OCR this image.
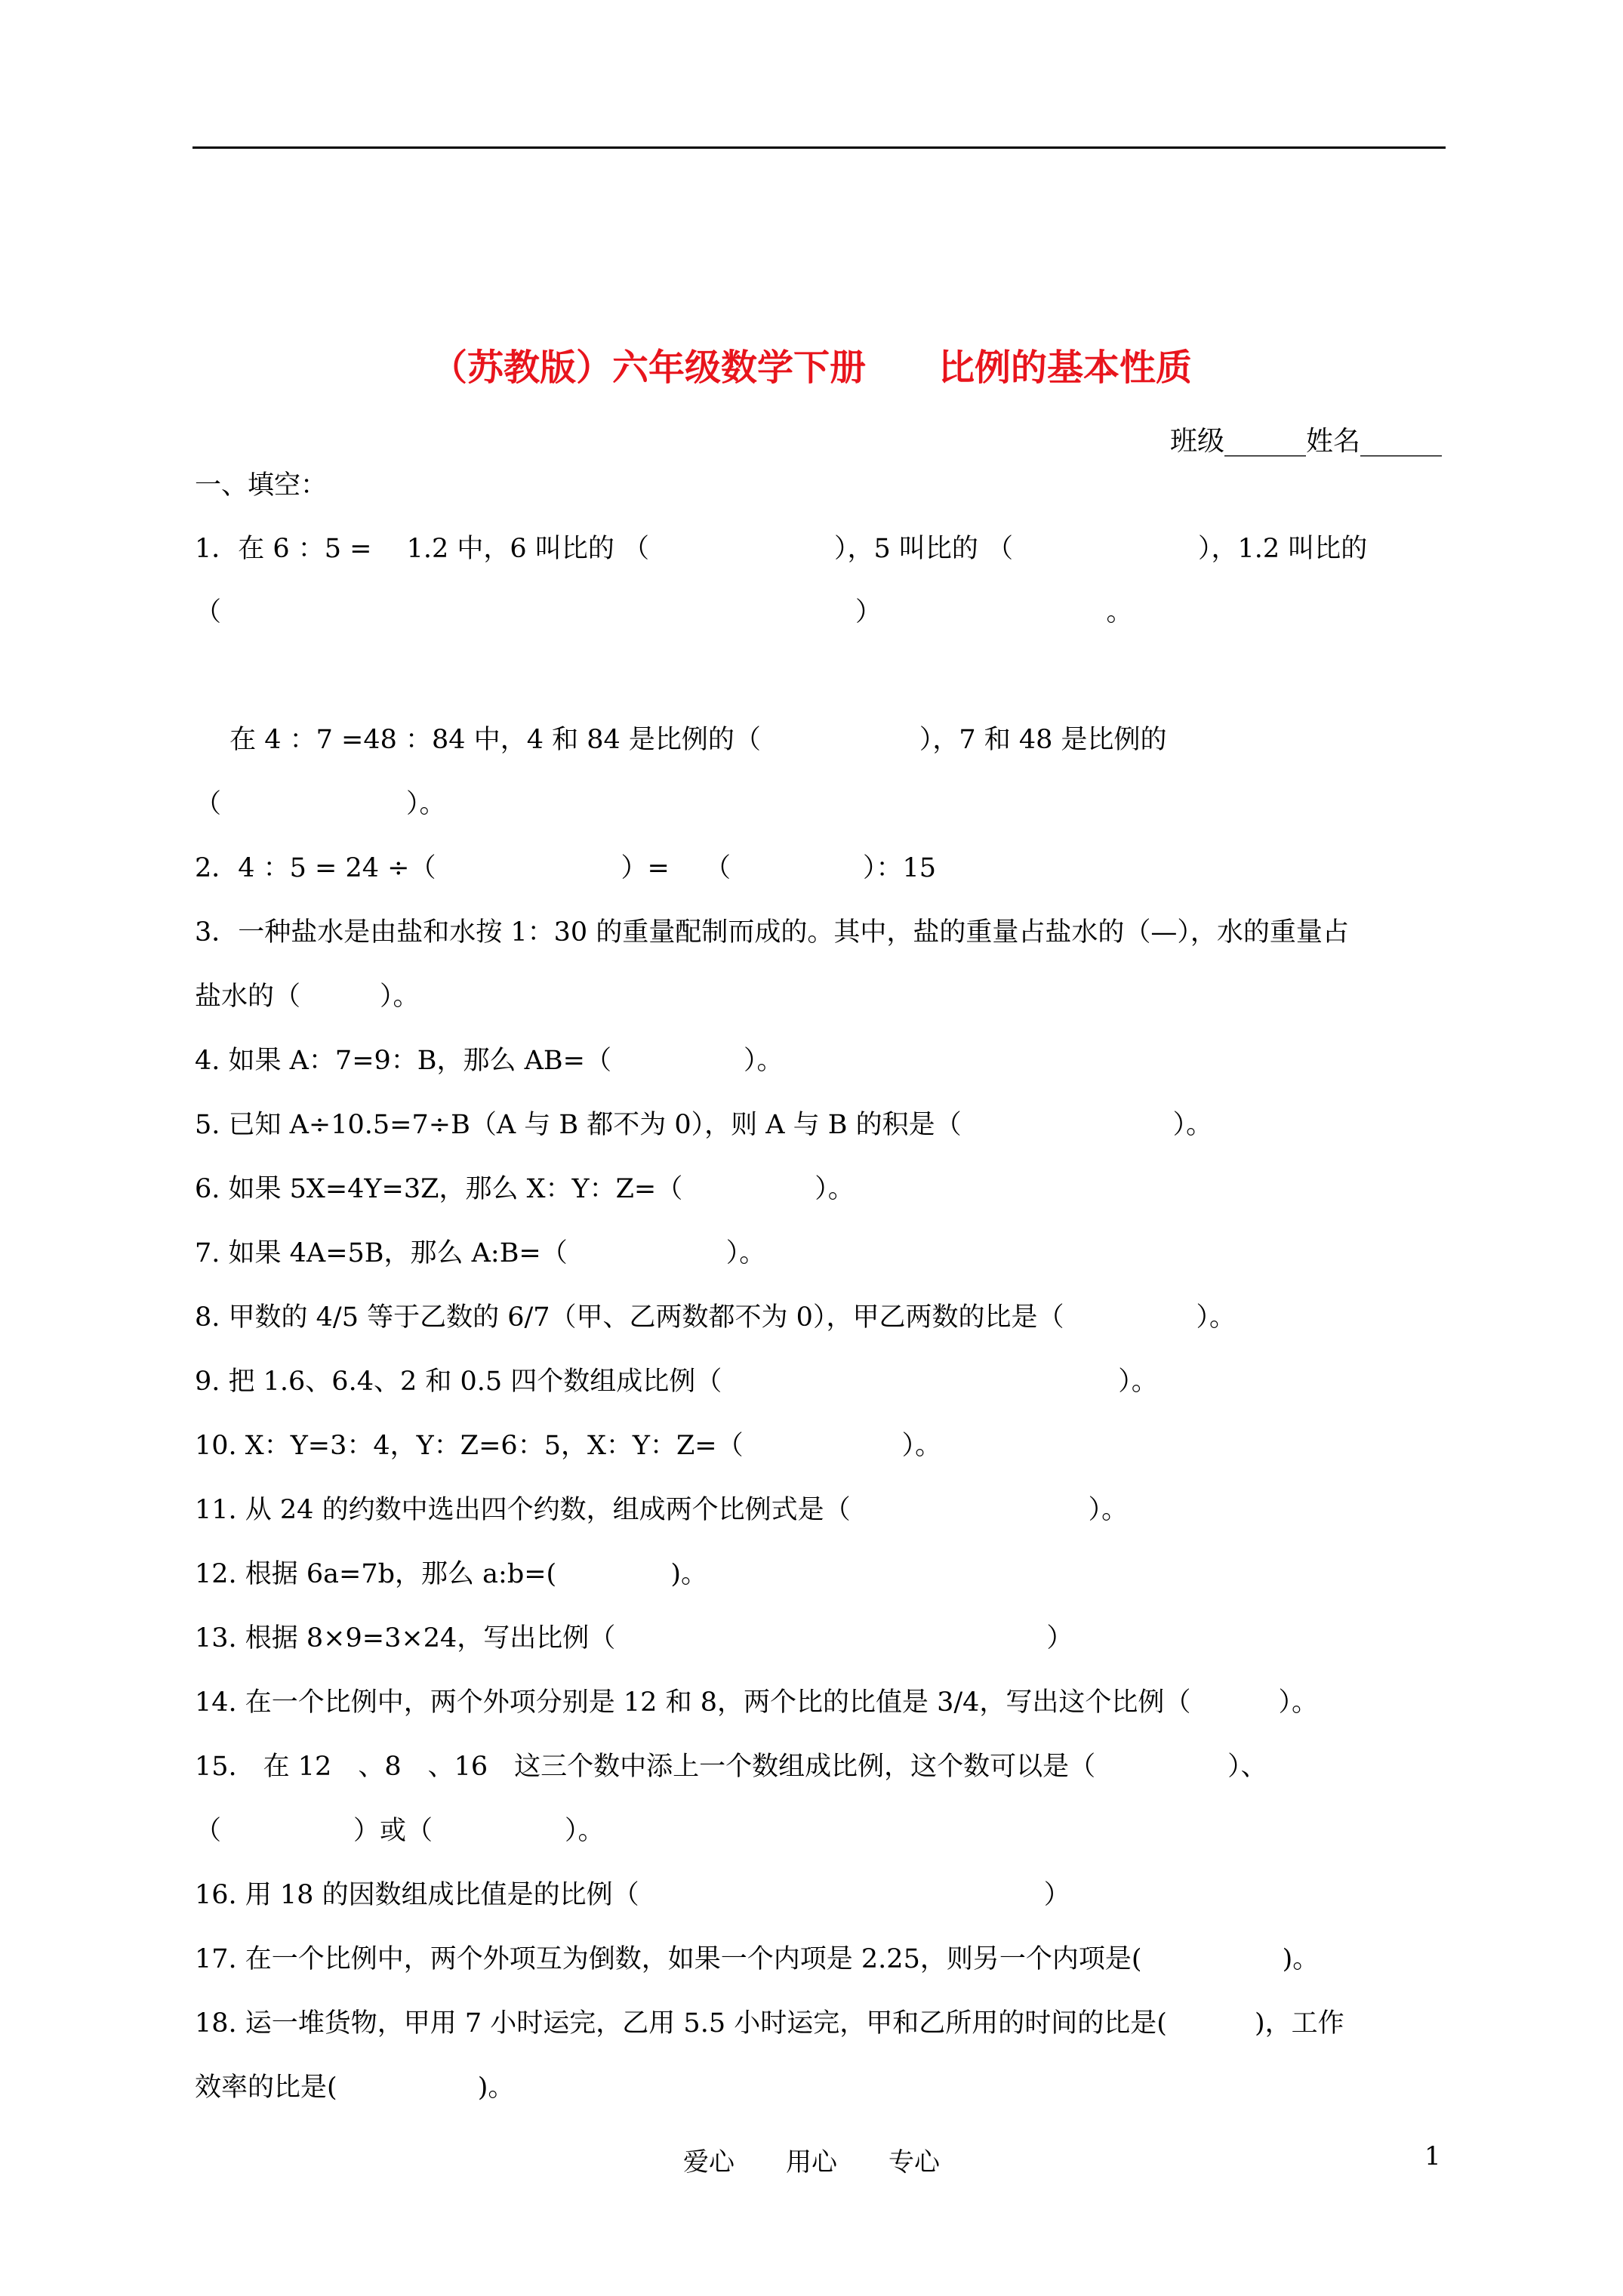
（苏教版）六年级数学下册　　比例的基本性质
班级______姓名______
一、填空：
1．在 6 ：5 =　 1.2 中，6 叫比的 （　　　　　　　），5 叫比的 （　　　　　　　），1.2 叫比的
（　　　　　　　　　　　　　　　　　　　　　　　　）　　　　　　　　　。
　 在 4 ：7 =48 ：84 中，4 和 84 是比例的（　　　　　　），7 和 48 是比例的
（　　　　　　　）。
2．4 ：5 = 24 ÷（　　　　　　　）=　 （　　　　　）：15
3．一种盐水是由盐和水按 1：30 的重量配制而成的。其中，盐的重量占盐水的（—），水的重量占
盐水的（　　　）。
4. 如果 A：7=9：B，那么 AB=（　　　　　）。
5. 已知 A÷10.5=7÷B（A 与 B 都不为 0），则 A 与 B 的积是（　　　　　　　　）。
6. 如果 5X=4Y=3Z，那么 X：Y：Z=（　　　　　）。
7. 如果 4A=5B，那么 A:B=（　　　　　　）。
8. 甲数的 4/5 等于乙数的 6/7（甲、乙两数都不为 0），甲乙两数的比是（　　　　　）。
9. 把 1.6、6.4、2 和 0.5 四个数组成比例（　　　　　　　　　　　　　　　）。
10. X：Y=3：4，Y：Z=6：5，X：Y：Z=（　　　　　　）。
11. 从 24 的约数中选出四个约数，组成两个比例式是（　　　　　　　　　）。
12. 根据 6a=7b，那么 a:b=(　　　　 )。
13. 根据 8×9=3×24，写出比例（　　　　　　　　　　　　　　　　 ）
14. 在一个比例中，两个外项分别是 12 和 8，两个比的比值是 3/4，写出这个比例（　　　 ）。
15.　在 12　、8　、16　这三个数中添上一个数组成比例，这个数可以是（　　　　　）、
（　　　　　）或（　　　　　）。
16. 用 18 的因数组成比值是的比例（　　　　　　　　　　　　　　　 ）
17. 在一个比例中，两个外项互为倒数，如果一个内项是 2.25，则另一个内项是(　　　　　 )。
18. 运一堆货物，甲用 7 小时运完，乙用 5.5 小时运完，甲和乙所用的时间的比是(　　　 )，工作
效率的比是(　　　　　 )。
爱心　　用心　　专心	1
